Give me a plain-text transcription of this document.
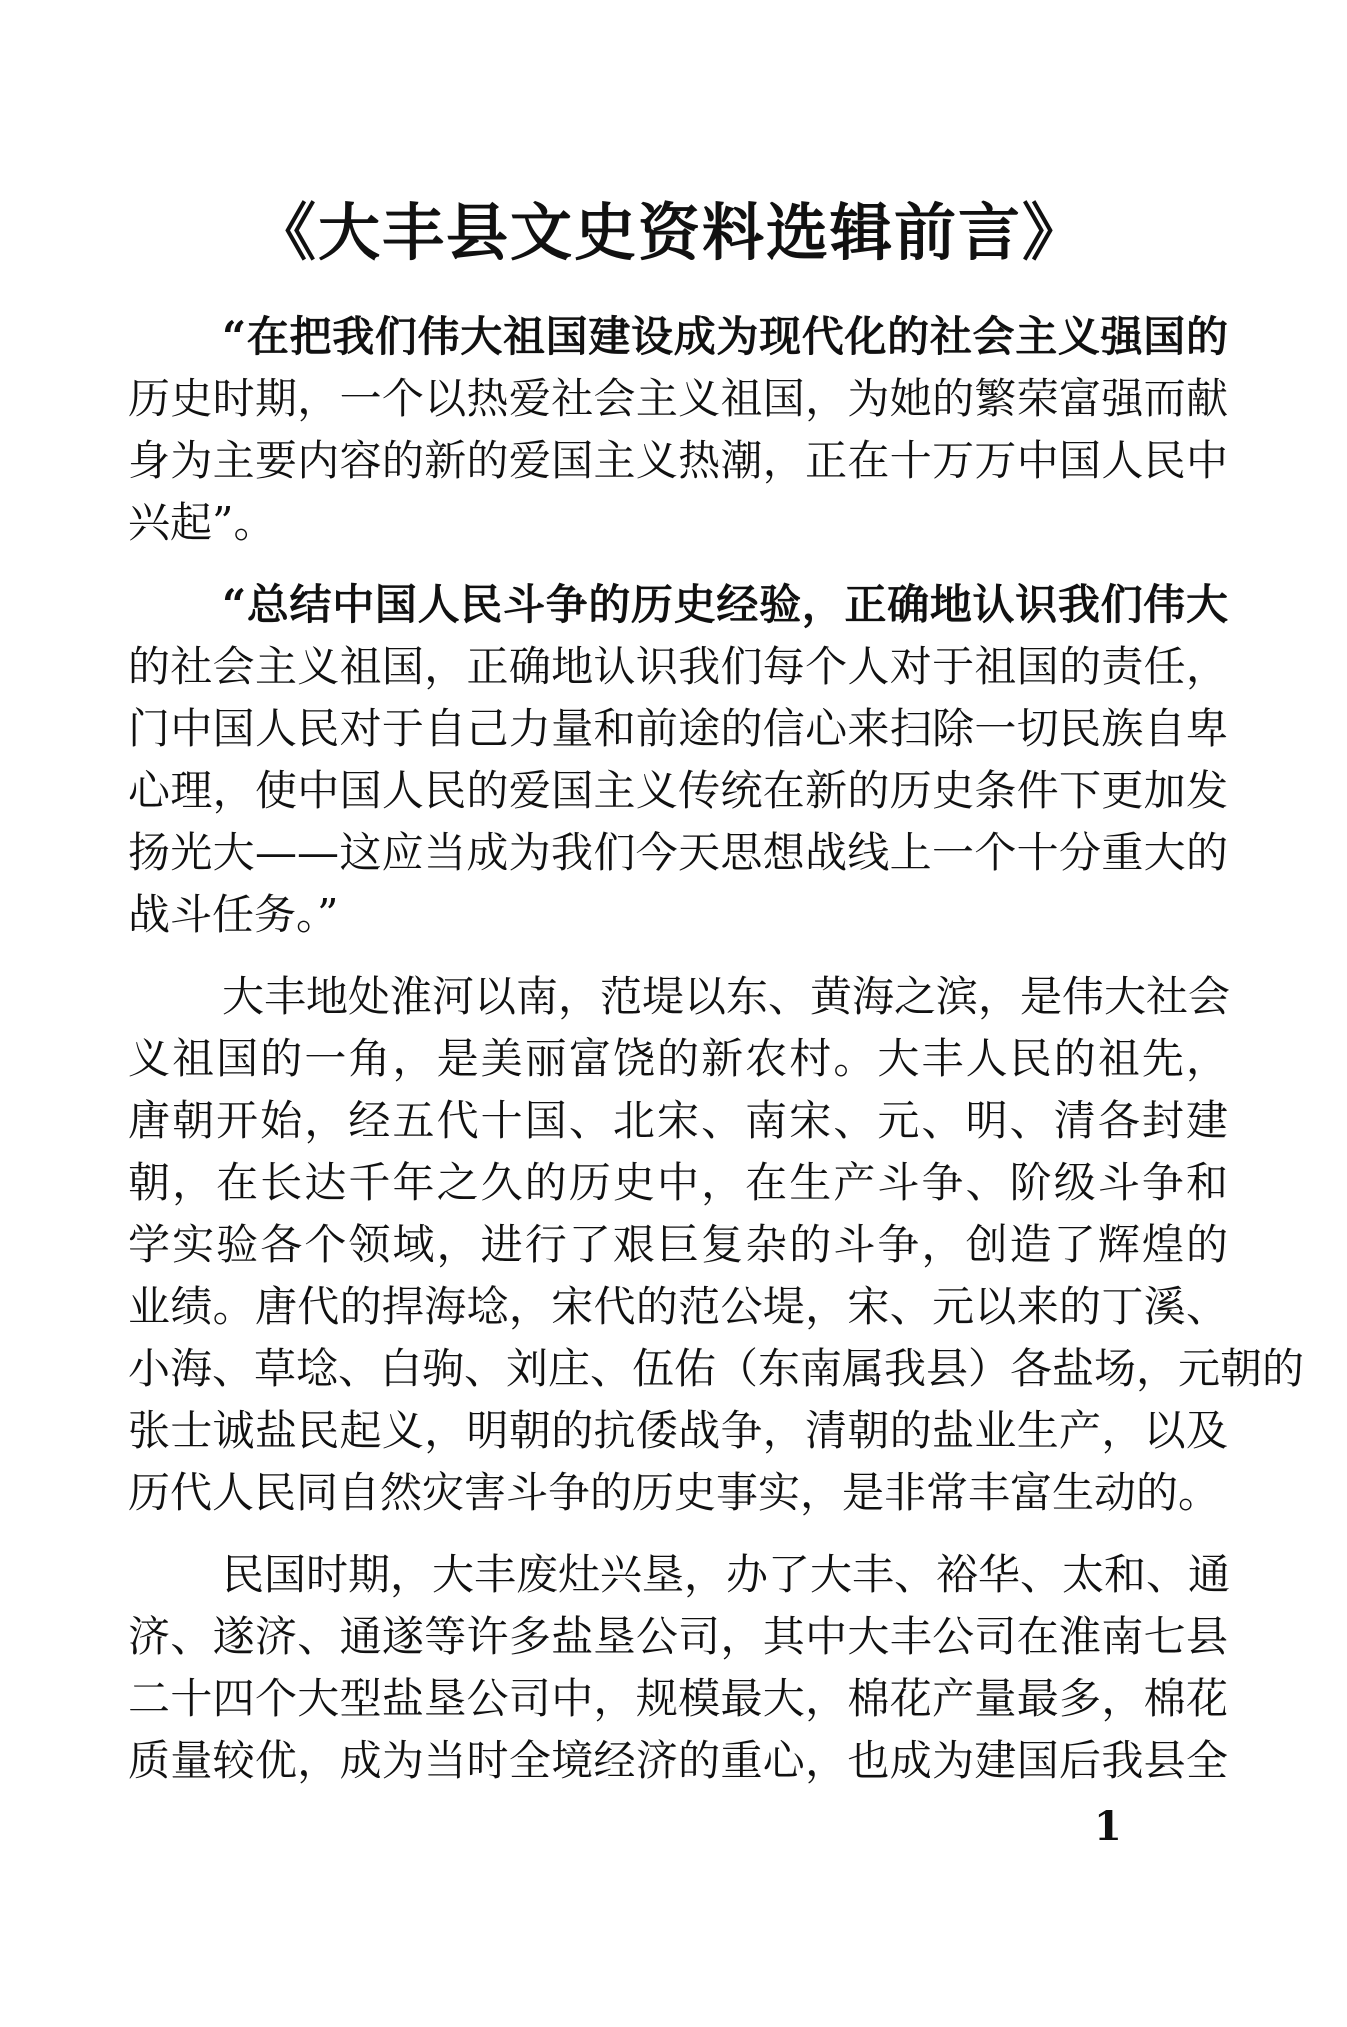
《大丰县文史资料选辑前言》
“在把我们伟大祖国建设成为现代化的社会主义强国的
历史时期，一个以热爱社会主义祖国，为她的繁荣富强而献
身为主要内容的新的爱国主义热潮，正在十万万中国人民中
兴起”。
“总结中国人民斗争的历史经验，正确地认识我们伟大
的社会主义祖国，正确地认识我们每个人对于祖国的责任，
门中国人民对于自己力量和前途的信心来扫除一切民族自卑
心理，使中国人民的爱国主义传统在新的历史条件下更加发
扬光大——这应当成为我们今天思想战线上一个十分重大的
战斗任务。”
大丰地处淮河以南，范堤以东、黄海之滨，是伟大社会
义祖国的一角，是美丽富饶的新农村。大丰人民的祖先，
唐朝开始，经五代十国、北宋、南宋、元、明、清各封建
朝，在长达千年之久的历史中，在生产斗争、阶级斗争和
学实验各个领域，进行了艰巨复杂的斗争，创造了辉煌的
业绩。唐代的捍海埝，宋代的范公堤，宋、元以来的丁溪、
小海、草埝、白驹、刘庄、伍佑（东南属我县）各盐场，元朝的
张士诚盐民起义，明朝的抗倭战争，清朝的盐业生产，以及
历代人民同自然灾害斗争的历史事实，是非常丰富生动的。
民国时期，大丰废灶兴垦，办了大丰、裕华、太和、通
济、遂济、通遂等许多盐垦公司，其中大丰公司在淮南七县
二十四个大型盐垦公司中，规模最大，棉花产量最多，棉花
质量较优，成为当时全境经济的重心，也成为建国后我县全
1
